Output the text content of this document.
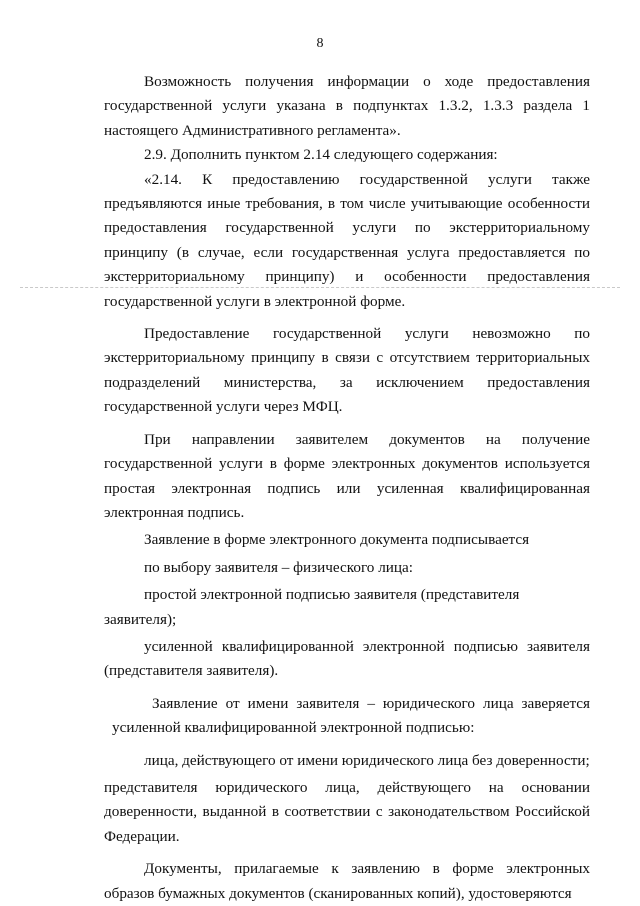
8

Возможность получения информации о ходе предоставления государственной услуги указана в подпунктах 1.3.2, 1.3.3 раздела 1 настоящего Административного регламента».

2.9. Дополнить пунктом 2.14 следующего содержания:

«2.14. К предоставлению государственной услуги также предъявляются иные требования, в том числе учитывающие особенности предоставления государственной услуги по экстерриториальному принципу (в случае, если государственная услуга предоставляется по экстерриториальному принципу) и особенности предоставления государственной услуги в электронной форме.

Предоставление государственной услуги невозможно по экстерриториальному принципу в связи с отсутствием территориальных подразделений министерства, за исключением предоставления государственной услуги через МФЦ.

При направлении заявителем документов на получение государственной услуги в форме электронных документов используется простая электронная подпись или усиленная квалифицированная электронная подпись.

Заявление в форме электронного документа подписывается

по выбору заявителя – физического лица:

простой электронной подписью заявителя (представителя заявителя);

усиленной квалифицированной электронной подписью заявителя (представителя заявителя).

Заявление от имени заявителя – юридического лица заверяется усиленной квалифицированной электронной подписью:

лица, действующего от имени юридического лица без доверенности;

представителя юридического лица, действующего на основании доверенности, выданной в соответствии с законодательством Российской Федерации.

Документы, прилагаемые к заявлению в форме электронных образов бумажных документов (сканированных копий), удостоверяются
